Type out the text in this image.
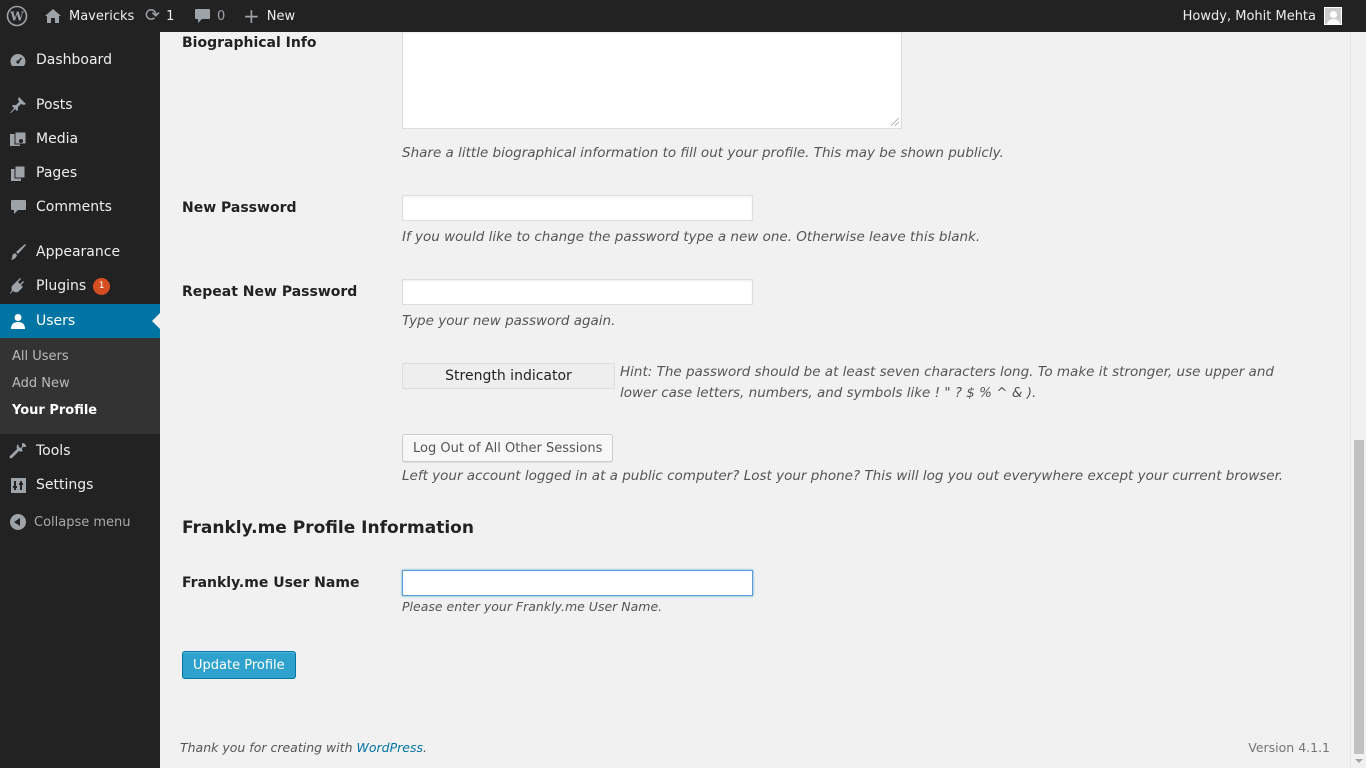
W	Mavericks ⟳ 1	0 + New	Howdy, Mohit Mehta
Dashboard
Posts
Media
Pages
Comments
Appearance
Plugins	1
Users
All Users
Add New
Your Profile
Tools
Settings
Collapse menu
Biographical Info
Share a little biographical information to fill out your profile. This may be shown publicly.
New Password
If you would like to change the password type a new one. Otherwise leave this blank.
Repeat New Password
Type your new password again.
Strength indicator	Hint: The password should be at least seven characters long. To make it stronger, use upper and lower case letters, numbers, and symbols like ! " ? $ % ^ & ).
Log Out of All Other Sessions
Left your account logged in at a public computer? Lost your phone? This will log you out everywhere except your current browser.
Frankly.me Profile Information
Frankly.me User Name
Please enter your Frankly.me User Name.
Update Profile
Thank you for creating with WordPress.	Version 4.1.1
